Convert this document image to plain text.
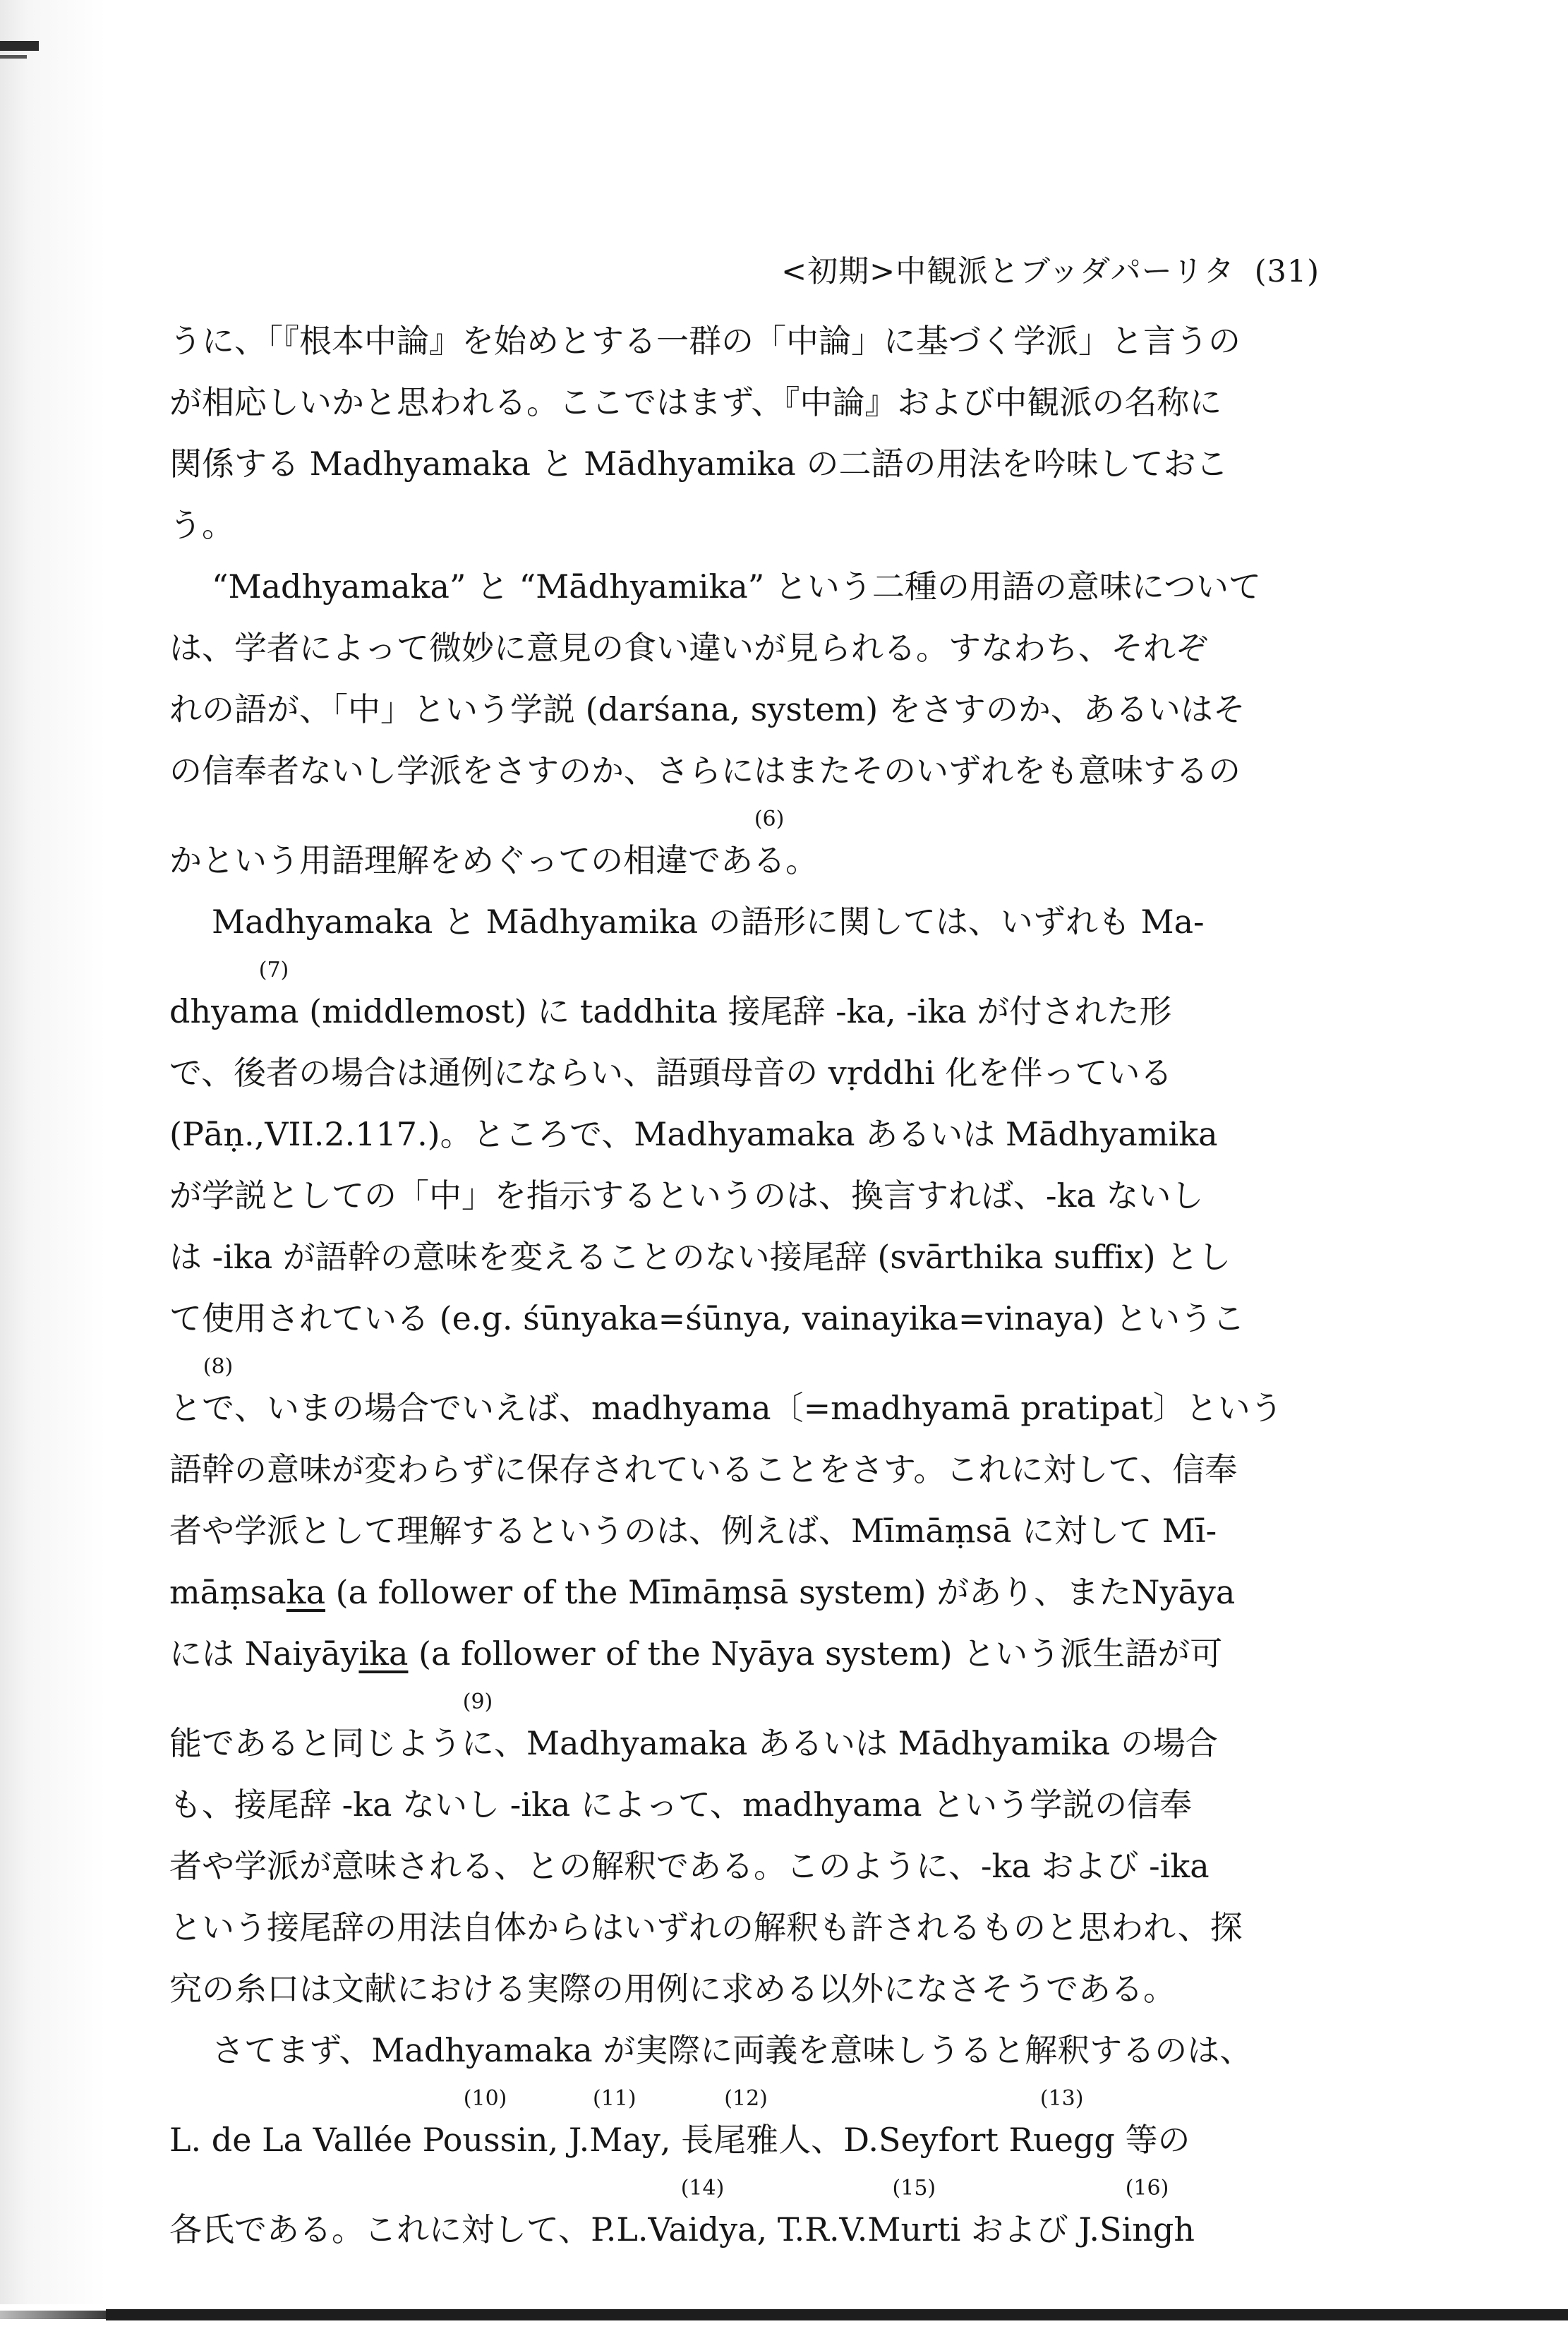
<初期>中観派とブッダパーリタ (31)
うに、「『根本中論』を始めとする一群の「中論」に基づく学派」と言うの
が相応しいかと思われる。ここではまず、『中論』および中観派の名称に
関係する Madhyamaka と Mādhyamika の二語の用法を吟味しておこ
う。
“Madhyamaka” と “Mādhyamika” という二種の用語の意味について
は、学者によって微妙に意見の食い違いが見られる。すなわち、それぞ
れの語が、「中」という学説 (darśana, system) をさすのか、あるいはそ
の信奉者ないし学派をさすのか、さらにはまたそのいずれをも意味するの
かという用語理解をめぐっての相違である
(6)
。
Madhyamaka と Mādhyamika の語形に関しては、いずれも Ma-
dhyama
(7)
(middlemost) に taddhita 接尾辞 -ka, -ika が付された形
で、後者の場合は通例にならい、語頭母音の vṛddhi 化を伴っている
(Pāṇ.,VII.2.117.)。ところで、Madhyamaka あるいは Mādhyamika
が学説としての「中」を指示するというのは、換言すれば、-ka ないし
は -ika が語幹の意味を変えることのない接尾辞 (svārthika suffix) とし
て使用されている (e.g. śūnyaka=śūnya, vainayika=vinaya) というこ
とで
(8)
、いまの場合でいえば、madhyama〔=madhyamā pratipat〕という
語幹の意味が変わらずに保存されていることをさす。これに対して、信奉
者や学派として理解するというのは、例えば、Mīmāṃsā に対して Mī-
māṃsaka (a follower of the Mīmāṃsā system) があり、またNyāya
には Naiyāyika (a follower of the Nyāya system) という派生語が可
能であると同じように
(9)
、Madhyamaka あるいは Mādhyamika の場合
も、接尾辞 -ka ないし -ika によって、madhyama という学説の信奉
者や学派が意味される、との解釈である。このように、-ka および -ika
という接尾辞の用法自体からはいずれの解釈も許されるものと思われ、探
究の糸口は文献における実際の用例に求める以外になさそうである。
さてまず、Madhyamaka が実際に両義を意味しうると解釈するのは、
L. de La Vallée Poussin
(10)
, J.May
(11)
, 長尾雅人
(12)
、D.Seyfort Ruegg
(13)
等の
各氏である。これに対して、P.L.Vaidya
(14)
, T.R.V.Murti
(15)
および J.Singh
(16)
